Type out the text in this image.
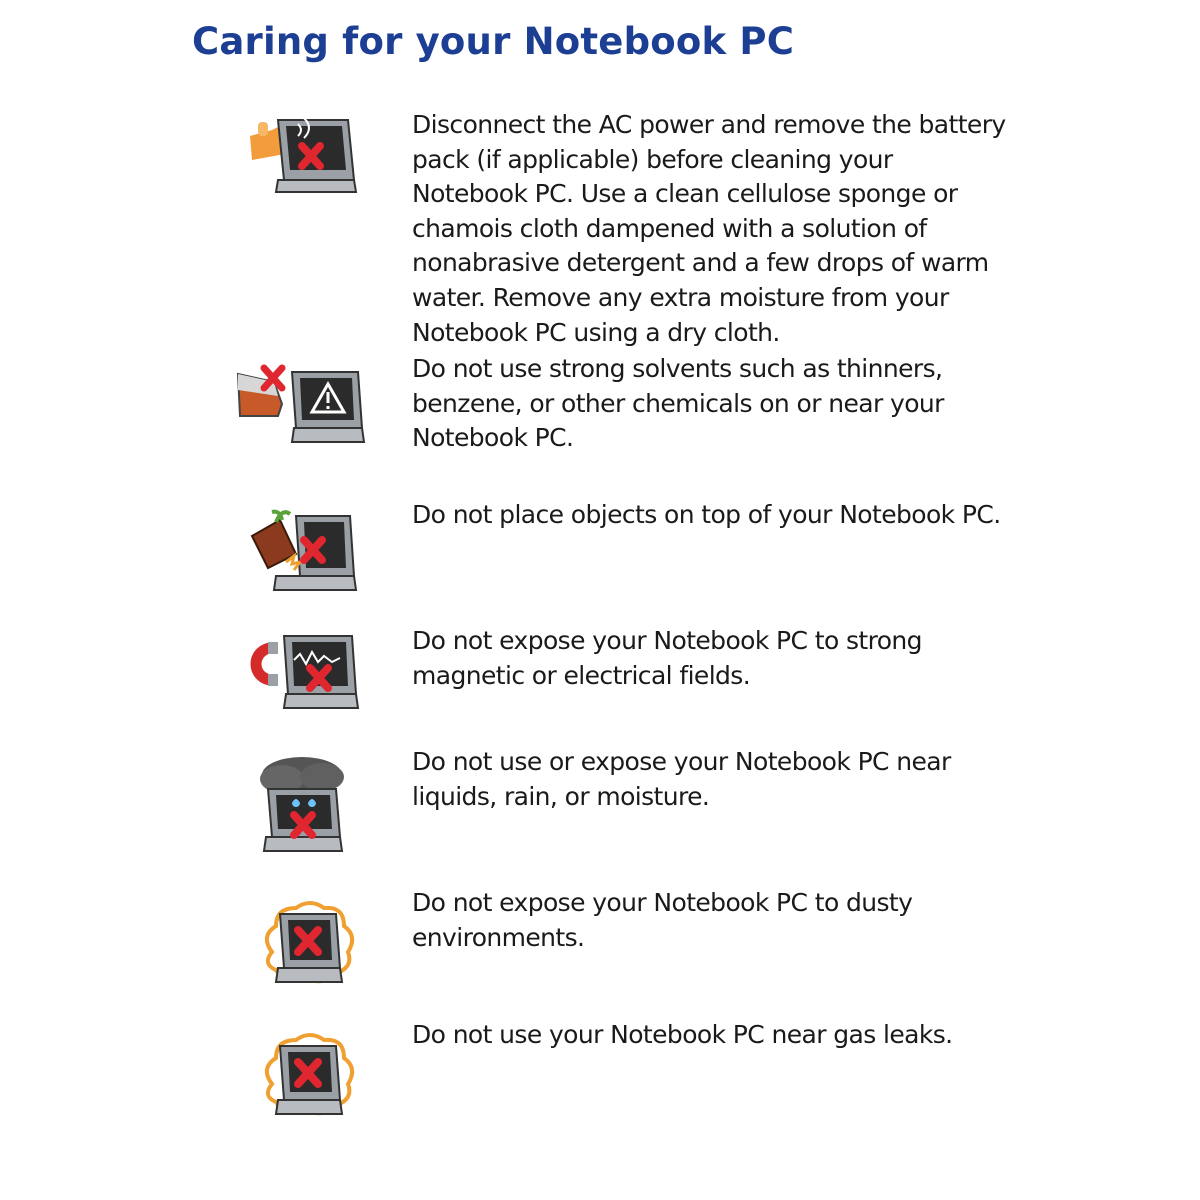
Caring for your Notebook PC

Disconnect the AC power and remove the battery pack (if applicable) before cleaning your Notebook PC. Use a clean cellulose sponge or chamois cloth dampened with a solution of nonabrasive detergent and a few drops of warm water. Remove any extra moisture from your Notebook PC using a dry cloth.

Do not use strong solvents such as thinners, benzene, or other chemicals on or near your Notebook PC.

Do not place objects on top of your Notebook PC.

Do not expose your Notebook PC to strong magnetic or electrical fields.

Do not use or expose your Notebook PC near liquids, rain, or moisture.

Do not expose your Notebook PC to dusty environments.

Do not use your Notebook PC near gas leaks.
